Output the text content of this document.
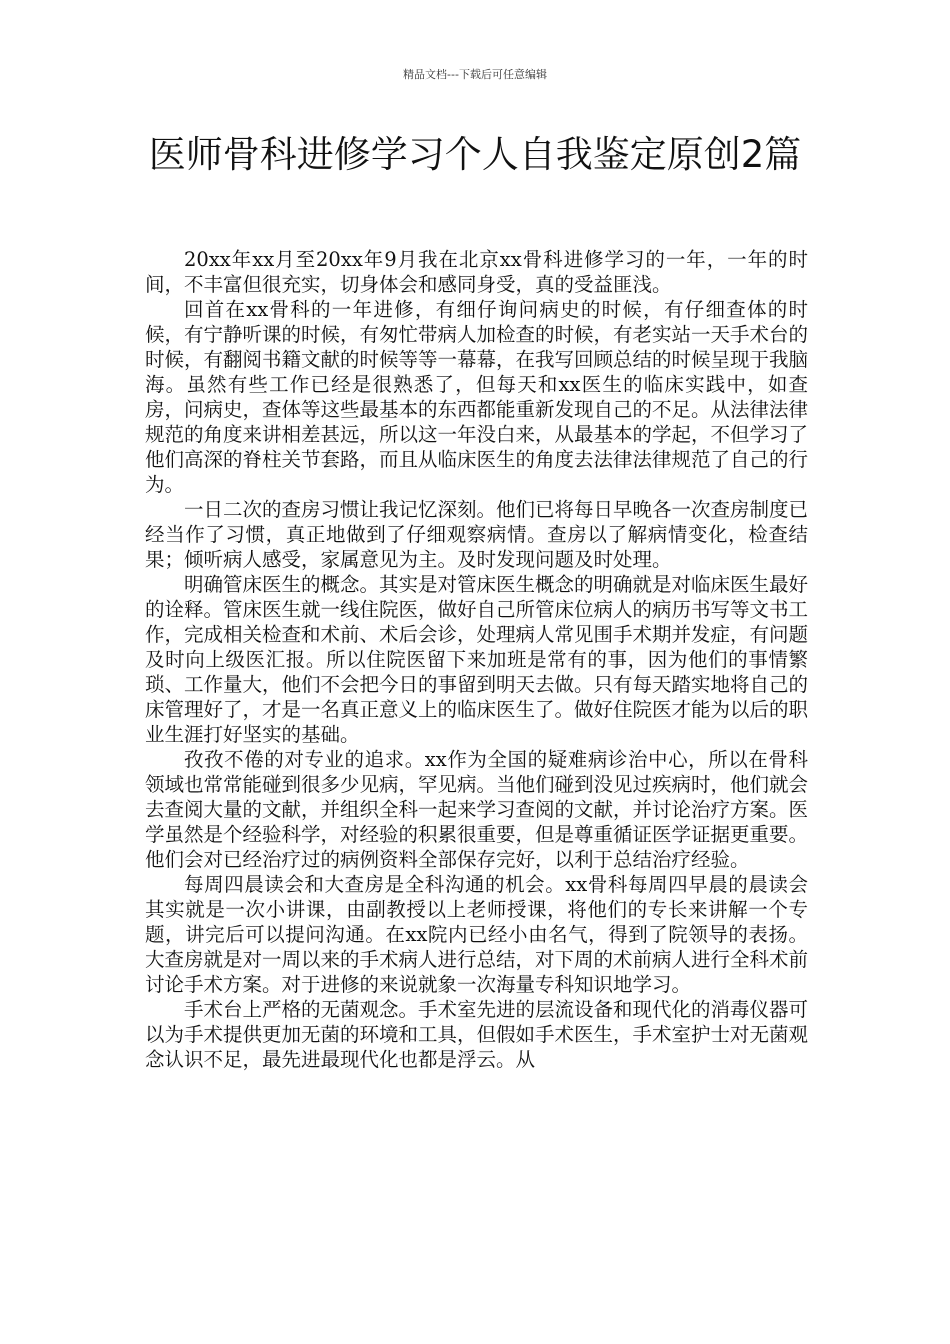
精品文档---下载后可任意编辑
医师骨科进修学习个人自我鉴定原创2篇

20xx年xx月至20xx年9月我在北京xx骨科进修学习的一年，一年的时间，不丰富但很充实，切身体会和感同身受，真的受益匪浅。

回首在xx骨科的一年进修，有细仔询问病史的时候，有仔细查体的时候，有宁静听课的时候，有匆忙带病人加检查的时候，有老实站一天手术台的时候，有翻阅书籍文献的时候等等一幕幕，在我写回顾总结的时候呈现于我脑海。虽然有些工作已经是很熟悉了，但每天和xx医生的临床实践中，如查房，问病史，查体等这些最基本的东西都能重新发现自己的不足。从法律法律规范的角度来讲相差甚远，所以这一年没白来，从最基本的学起，不但学习了他们高深的脊柱关节套路，而且从临床医生的角度去法律法律规范了自己的行为。

一日二次的查房习惯让我记忆深刻。他们已将每日早晚各一次查房制度已经当作了习惯，真正地做到了仔细观察病情。查房以了解病情变化，检查结果；倾听病人感受，家属意见为主。及时发现问题及时处理。

明确管床医生的概念。其实是对管床医生概念的明确就是对临床医生最好的诠释。管床医生就一线住院医，做好自己所管床位病人的病历书写等文书工作，完成相关检查和术前、术后会诊，处理病人常见围手术期并发症，有问题及时向上级医汇报。所以住院医留下来加班是常有的事，因为他们的事情繁琐、工作量大，他们不会把今日的事留到明天去做。只有每天踏实地将自己的床管理好了，才是一名真正意义上的临床医生了。做好住院医才能为以后的职业生涯打好坚实的基础。

孜孜不倦的对专业的追求。xx作为全国的疑难病诊治中心，所以在骨科领域也常常能碰到很多少见病，罕见病。当他们碰到没见过疾病时，他们就会去查阅大量的文献，并组织全科一起来学习查阅的文献，并讨论治疗方案。医学虽然是个经验科学，对经验的积累很重要，但是尊重循证医学证据更重要。他们会对已经治疗过的病例资料全部保存完好，以利于总结治疗经验。

每周四晨读会和大查房是全科沟通的机会。xx骨科每周四早晨的晨读会其实就是一次小讲课，由副教授以上老师授课，将他们的专长来讲解一个专题，讲完后可以提问沟通。在xx院内已经小由名气，得到了院领导的表扬。大查房就是对一周以来的手术病人进行总结，对下周的术前病人进行全科术前讨论手术方案。对于进修的来说就象一次海量专科知识地学习。

手术台上严格的无菌观念。手术室先进的层流设备和现代化的消毒仪器可以为手术提供更加无菌的环境和工具，但假如手术医生，手术室护士对无菌观念认识不足，最先进最现代化也都是浮云。从
